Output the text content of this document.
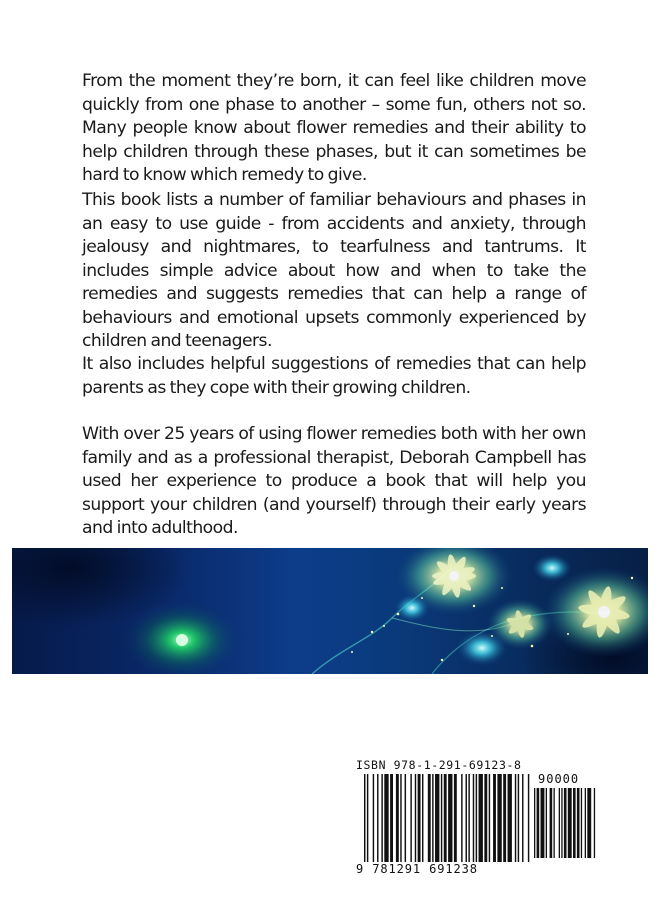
From the moment they’re born, it can feel like children move quickly from one phase to another – some fun, others not so. Many people know about flower remedies and their ability to help children through these phases, but it can sometimes be hard to know which remedy to give.

This book lists a number of familiar behaviours and phases in an easy to use guide - from accidents and anxiety, through jealousy and nightmares, to tearfulness and tantrums. It includes simple advice about how and when to take the remedies and suggests remedies that can help a range of behaviours and emotional upsets commonly experienced by children and teenagers.

It also includes helpful suggestions of remedies that can help parents as they cope with their growing children.

With over 25 years of using flower remedies both with her own family and as a professional therapist, Deborah Campbell has used her experience to produce a book that will help you support your children (and yourself) through their early years and into adulthood.

ISBN 978-1-291-69123-8
90000
9 781291 691238
